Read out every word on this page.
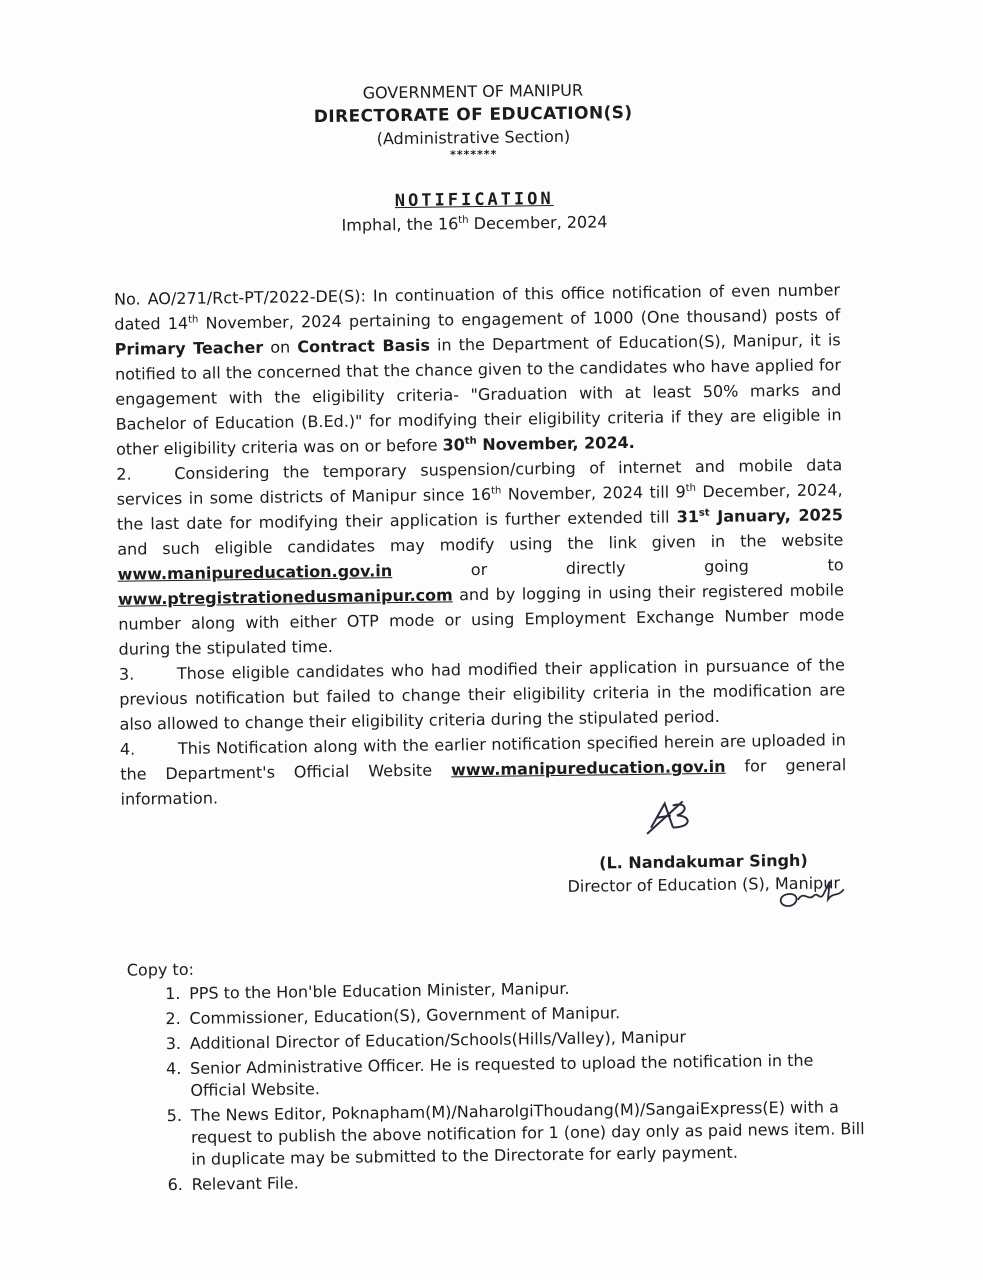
GOVERNMENT OF MANIPUR
DIRECTORATE OF EDUCATION(S)
(Administrative Section)
*******
NOTIFICATION
Imphal, the 16th December, 2024

No. AO/271/Rct-PT/2022-DE(S): In continuation of this office notification of even number dated 14th November, 2024 pertaining to engagement of 1000 (One thousand) posts of Primary Teacher on Contract Basis in the Department of Education(S), Manipur, it is notified to all the concerned that the chance given to the candidates who have applied for engagement with the eligibility criteria- "Graduation with at least 50% marks and Bachelor of Education (B.Ed.)" for modifying their eligibility criteria if they are eligible in other eligibility criteria was on or before 30th November, 2024.

2.	Considering the temporary suspension/curbing of internet and mobile data services in some districts of Manipur since 16th November, 2024 till 9th December, 2024, the last date for modifying their application is further extended till 31st January, 2025 and such eligible candidates may modify using the link given in the website www.manipureducation.gov.in or directly going to www.ptregistrationedusmanipur.com and by logging in using their registered mobile number along with either OTP mode or using Employment Exchange Number mode during the stipulated time.

3.	Those eligible candidates who had modified their application in pursuance of the previous notification but failed to change their eligibility criteria in the modification are also allowed to change their eligibility criteria during the stipulated period.

4.	This Notification along with the earlier notification specified herein are uploaded in the Department's Official Website www.manipureducation.gov.in for general information.

(L. Nandakumar Singh)
Director of Education (S), Manipur
Copy to:
1. PPS to the Hon'ble Education Minister, Manipur.
2. Commissioner, Education(S), Government of Manipur.
3. Additional Director of Education/Schools(Hills/Valley), Manipur
4. Senior Administrative Officer. He is requested to upload the notification in the Official Website.
5. The News Editor, Poknapham(M)/NaharolgiThoudang(M)/SangaiExpress(E) with a request to publish the above notification for 1 (one) day only as paid news item. Bill in duplicate may be submitted to the Directorate for early payment.
6. Relevant File.
